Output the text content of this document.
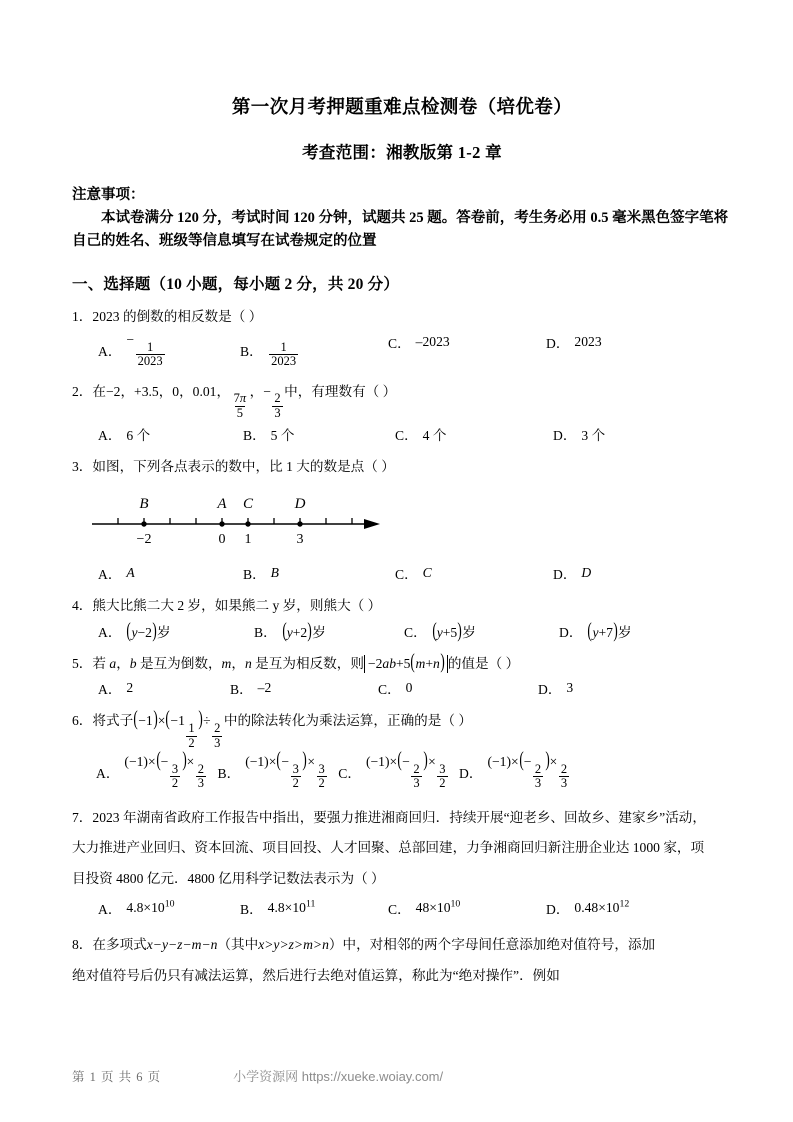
第一次月考押题重难点检测卷（培优卷）
考查范围：湘教版第 1-2 章
注意事项：
本试卷满分 120 分，考试时间 120 分钟，试题共 25 题。答卷前，考生务必用 0.5 毫米黑色签字笔将自己的姓名、班级等信息填写在试卷规定的位置
一、选择题（10 小题，每小题 2 分，共 20 分）
1．2023 的倒数的相反数是（ ）
A．
−
$\frac{1}{2023}$	B． $\frac{1}{2023}$	C． –2023	D． 2023
2．在−2，+3.5，0，0.01，
$\frac{7\pi}{5}$
，−
$\frac{2}{3}$
中，有理数有（ ）
A． 6 个	B． 5 个	C． 4 个	D． 3 个
3．如图，下列各点表示的数中，比 1 大的数是点（ ）
B	A C	D
−2	0 1	3
A． A	B． B	C． C	D． D
4．熊大比熊二大 2 岁，如果熊二 y 岁，则熊大（ ）
A． (y−2)岁	B． (y+2)岁	C． (y+5)岁	D． (y+7)岁
5．若 a，b 是互为倒数，m，n 是互为相反数，则 −2ab+5(m+n) 的值是（ ）
A． 2	B． –2	C． 0	D． 3
6．将式子(−1)×(−1
$\frac{1}{2}$
)÷
$\frac{2}{3}$
中的除法转化为乘法运算，正确的是（ ）
A．
(−1)×(−
$\frac{3}{2}$
)×
$\frac{2}{3}$ B．
(−1)×(−
$\frac{3}{2}$
)×
$\frac{3}{2}$ C．
(−1)×(−
$\frac{2}{3}$
)×
$\frac{3}{2}$ D．
(−1)×(−
$\frac{2}{3}$
)×
$\frac{2}{3}$
7．2023 年湖南省政府工作报告中指出，要强力推进湘商回归．持续开展“迎老乡、回故乡、建家乡”活动，
大力推进产业回归、资本回流、项目回投、人才回聚、总部回建，力争湘商回归新注册企业达 1000 家，项
目投资 4800 亿元．4800 亿用科学记数法表示为（ ）
A． $4.8\times 10^{10}$	B． $4.8\times 10^{11}$	C． $48\times 10^{10}$	D． $0.48\times 10^{12}$
8．在多项式x−y−z−m−n（其中x>y>z>m>n）中，对相邻的两个字母间任意添加绝对值符号，添加
绝对值符号后仍只有减法运算，然后进行去绝对值运算，称此为“绝对操作”．例如
第 1 页 共 6 页	小学资源网 https://xueke.woiay.com/
